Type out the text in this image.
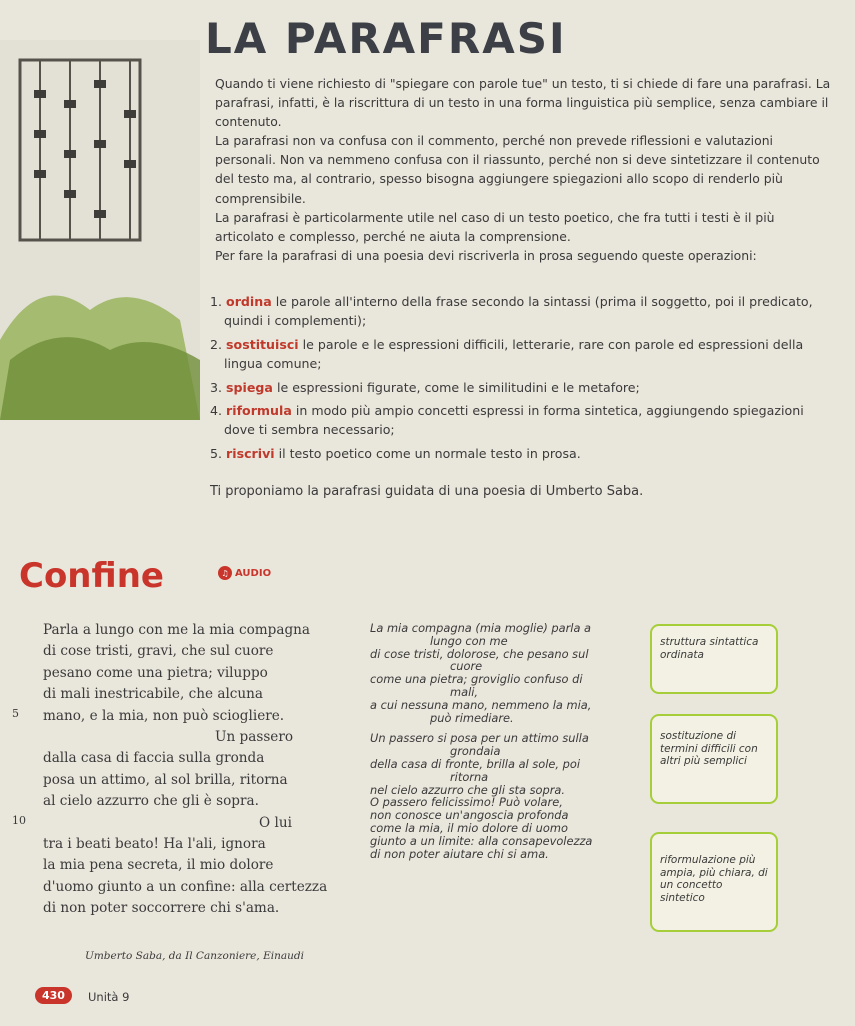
LA PARAFRASI

Quando ti viene richiesto di "spiegare con parole tue" un testo, ti si chiede di fare una parafrasi. La parafrasi, infatti, è la riscrittura di un testo in una forma linguistica più semplice, senza cambiare il contenuto.

La parafrasi non va confusa con il commento, perché non prevede riflessioni e valutazioni personali. Non va nemmeno confusa con il riassunto, perché non si deve sintetizzare il contenuto del testo ma, al contrario, spesso bisogna aggiungere spiegazioni allo scopo di renderlo più comprensibile.

La parafrasi è particolarmente utile nel caso di un testo poetico, che fra tutti i testi è il più articolato e complesso, perché ne aiuta la comprensione.

Per fare la parafrasi di una poesia devi riscriverla in prosa seguendo queste operazioni:

1. ordina le parole all'interno della frase secondo la sintassi (prima il soggetto, poi il predicato, quindi i complementi);
2. sostituisci le parole e le espressioni difficili, letterarie, rare con parole ed espressioni della lingua comune;
3. spiega le espressioni figurate, come le similitudini e le metafore;
4. riformula in modo più ampio concetti espressi in forma sintetica, aggiungendo spiegazioni dove ti sembra necessario;
5. riscrivi il testo poetico come un normale testo in prosa.
Ti proponiamo la parafrasi guidata di una poesia di Umberto Saba.
Confine	♫ AUDIO
Parla a lungo con me la mia compagna
di cose tristi, gravi, che sul cuore
pesano come una pietra; viluppo
di mali inestricabile, che alcuna
mano, e la mia, non può sciogliere.
Un passero
dalla casa di faccia sulla gronda
posa un attimo, al sol brilla, ritorna
al cielo azzurro che gli è sopra.
O lui
tra i beati beato! Ha l'ali, ignora
la mia pena secreta, il mio dolore
d'uomo giunto a un confine: alla certezza
di non poter soccorrere chi s'ama.
5
10
Umberto Saba, da Il Canzoniere, Einaudi
La mia compagna (mia moglie) parla a
lungo con me
di cose tristi, dolorose, che pesano sul
cuore
come una pietra; groviglio confuso di
mali,
a cui nessuna mano, nemmeno la mia,
può rimediare.
Un passero si posa per un attimo sulla
grondaia
della casa di fronte, brilla al sole, poi
ritorna
nel cielo azzurro che gli sta sopra.
O passero felicissimo! Può volare,
non conosce un'angoscia profonda
come la mia, il mio dolore di uomo
giunto a un limite: alla consapevolezza
di non poter aiutare chi si ama.
struttura sintattica ordinata
sostituzione di termini difficili con altri più semplici
riformulazione più ampia, più chiara, di un concetto sintetico
430	Unità 9
